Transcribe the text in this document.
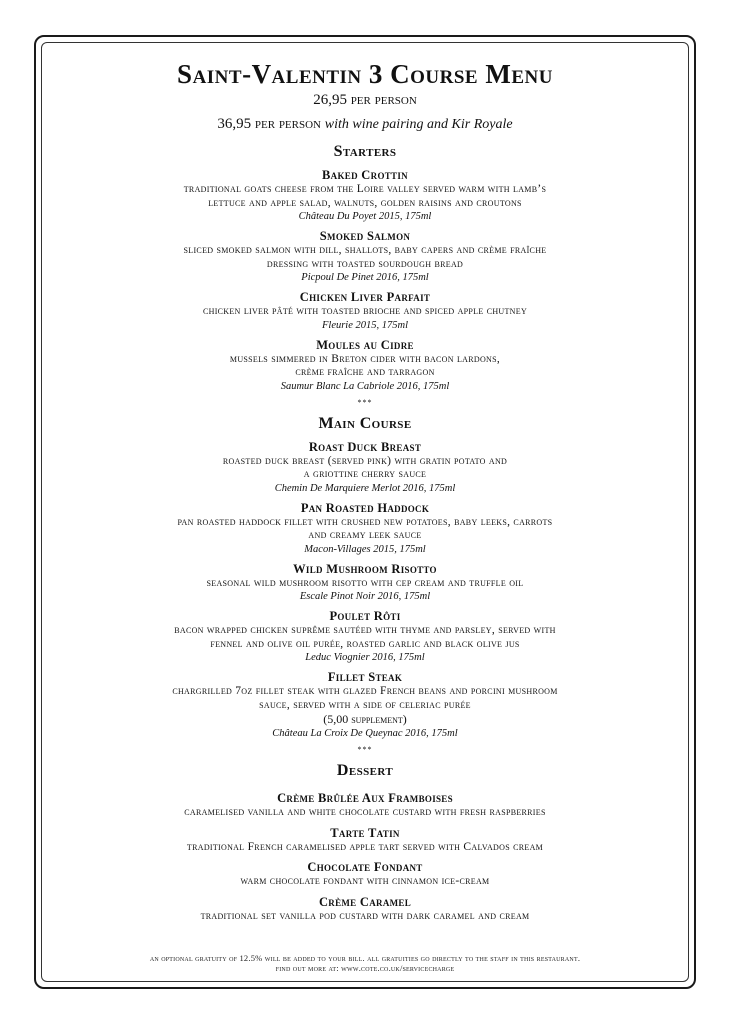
Saint-Valentin 3 Course Menu

26,95 per person

36,95 per person with wine pairing and Kir Royale

Starters
Baked Crottin
traditional goats cheese from the Loire valley served warm with lamb’s
lettuce and apple salad, walnuts, golden raisins and croutons
Château Du Poyet 2015, 175ml
Smoked Salmon
sliced smoked salmon with dill, shallots, baby capers and crème fraîche
dressing with toasted sourdough bread
Picpoul De Pinet 2016, 175ml
Chicken Liver Parfait
chicken liver pâté with toasted brioche and spiced apple chutney
Fleurie 2015, 175ml
Moules au Cidre
mussels simmered in Breton cider with bacon lardons,
crème fraîche and tarragon
Saumur Blanc La Cabriole 2016, 175ml
***
Main Course
Roast Duck Breast
roasted duck breast (served pink) with gratin potato and
a griottine cherry sauce
Chemin De Marquiere Merlot 2016, 175ml
Pan Roasted Haddock
pan roasted haddock fillet with crushed new potatoes, baby leeks, carrots
and creamy leek sauce
Macon-Villages 2015, 175ml
Wild Mushroom Risotto
seasonal wild mushroom risotto with cep cream and truffle oil
Escale Pinot Noir 2016, 175ml
Poulet Rôti
bacon wrapped chicken suprême sautéed with thyme and parsley, served with
fennel and olive oil purée, roasted garlic and black olive jus
Leduc Viognier 2016, 175ml
Fillet Steak
chargrilled 7oz fillet steak with glazed French beans and porcini mushroom
sauce, served with a side of celeriac purée
(5,00 supplement)
Château La Croix De Queynac 2016, 175ml
***
Dessert
Crème Brûlée Aux Framboises
caramelised vanilla and white chocolate custard with fresh raspberries
Tarte Tatin
traditional French caramelised apple tart served with Calvados cream
Chocolate Fondant
warm chocolate fondant with cinnamon ice-cream
Crème Caramel
traditional set vanilla pod custard with dark caramel and cream
an optional gratuity of 12.5% will be added to your bill. all gratuities go directly to the staff in this restaurant.
find out more at: www.cote.co.uk/servicecharge
